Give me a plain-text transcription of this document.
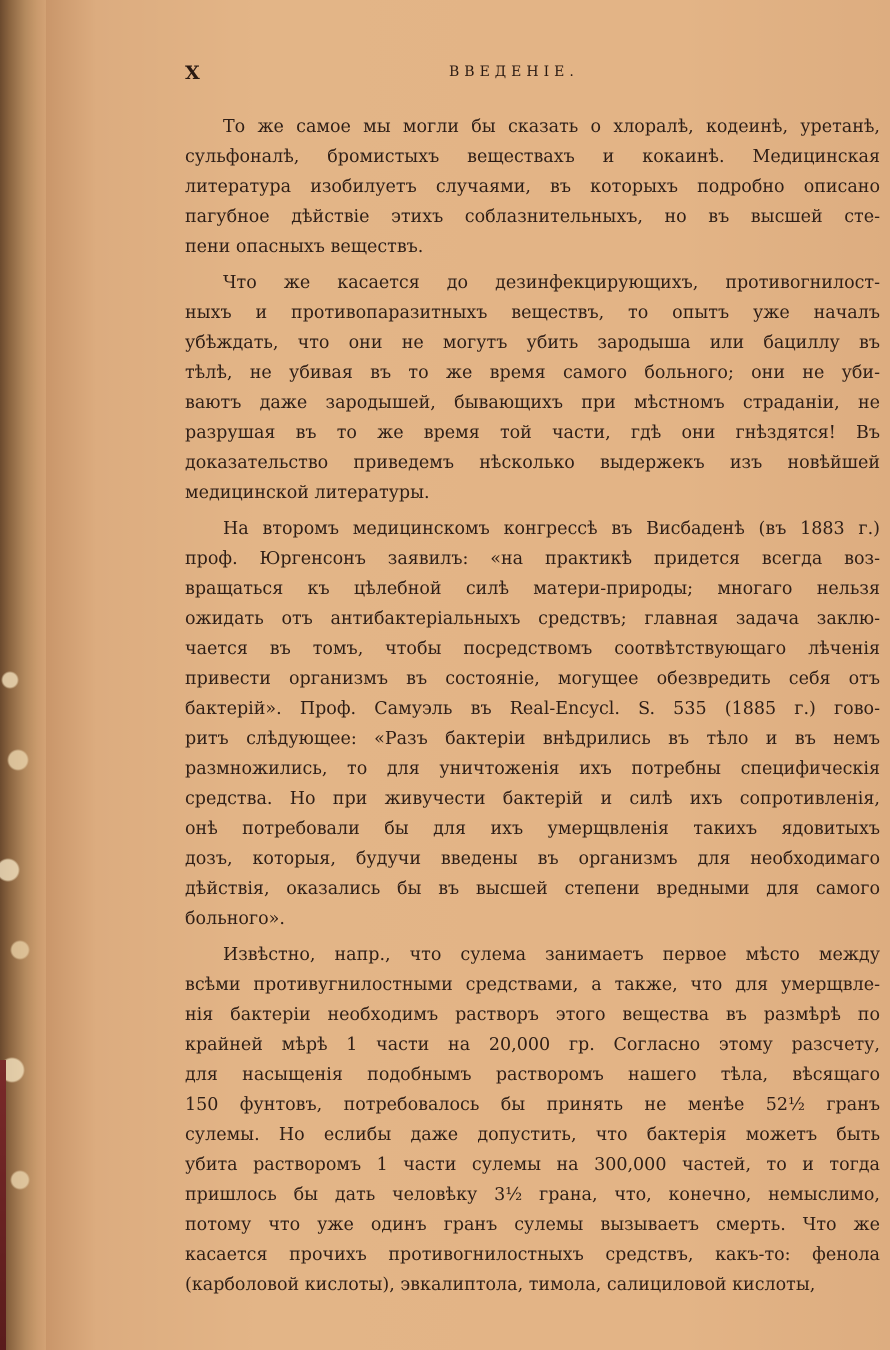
X	ВВЕДЕНІЕ.
То же самое мы могли бы сказать о хлоралѣ, кодеинѣ, уретанѣ,
сульфоналѣ, бромистыхъ веществахъ и кокаинѣ. Медицинская
литература изобилуетъ случаями, въ которыхъ подробно описано
пагубное дѣйствіе этихъ соблазнительныхъ, но въ высшей сте-
пени опасныхъ веществъ.
Что же касается до дезинфекцирующихъ, противогнилост-
ныхъ и противопаразитныхъ веществъ, то опытъ уже началъ
убѣждать, что они не могутъ убить зародыша или бациллу въ
тѣлѣ, не убивая въ то же время самого больного; они не уби-
ваютъ даже зародышей, бывающихъ при мѣстномъ страданіи, не
разрушая въ то же время той части, гдѣ они гнѣздятся! Въ
доказательство приведемъ нѣсколько выдержекъ изъ новѣйшей
медицинской литературы.
На второмъ медицинскомъ конгрессѣ въ Висбаденѣ (въ 1883 г.)
проф. Юргенсонъ заявилъ: «на практикѣ придется всегда воз-
вращаться къ цѣлебной силѣ матери-природы; многаго нельзя
ожидать отъ антибактеріальныхъ средствъ; главная задача заклю-
чается въ томъ, чтобы посредствомъ соотвѣтствующаго лѣченія
привести организмъ въ состояніе, могущее обезвредить себя отъ
бактерій». Проф. Самуэль въ Real-Encycl. S. 535 (1885 г.) гово-
ритъ слѣдующее: «Разъ бактеріи внѣдрились въ тѣло и въ немъ
размножились, то для уничтоженія ихъ потребны специфическія
средства. Но при живучести бактерій и силѣ ихъ сопротивленія,
онѣ потребовали бы для ихъ умерщвленія такихъ ядовитыхъ
дозъ, которыя, будучи введены въ организмъ для необходимаго
дѣйствія, оказались бы въ высшей степени вредными для самого
больного».
Извѣстно, напр., что сулема занимаетъ первое мѣсто между
всѣми противугнилостными средствами, а также, что для умерщвле-
нія бактеріи необходимъ растворъ этого вещества въ размѣрѣ по
крайней мѣрѣ 1 части на 20,000 гр. Согласно этому разсчету,
для насыщенія подобнымъ растворомъ нашего тѣла, вѣсящаго
150 фунтовъ, потребовалось бы принять не менѣе 52½ гранъ
сулемы. Но еслибы даже допустить, что бактерія можетъ быть
убита растворомъ 1 части сулемы на 300,000 частей, то и тогда
пришлось бы дать человѣку 3½ грана, что, конечно, немыслимо,
потому что уже одинъ гранъ сулемы вызываетъ смерть. Что же
касается прочихъ противогнилостныхъ средствъ, какъ-то: фенола
(карболовой кислоты), эвкалиптола, тимола, салициловой кислоты,
